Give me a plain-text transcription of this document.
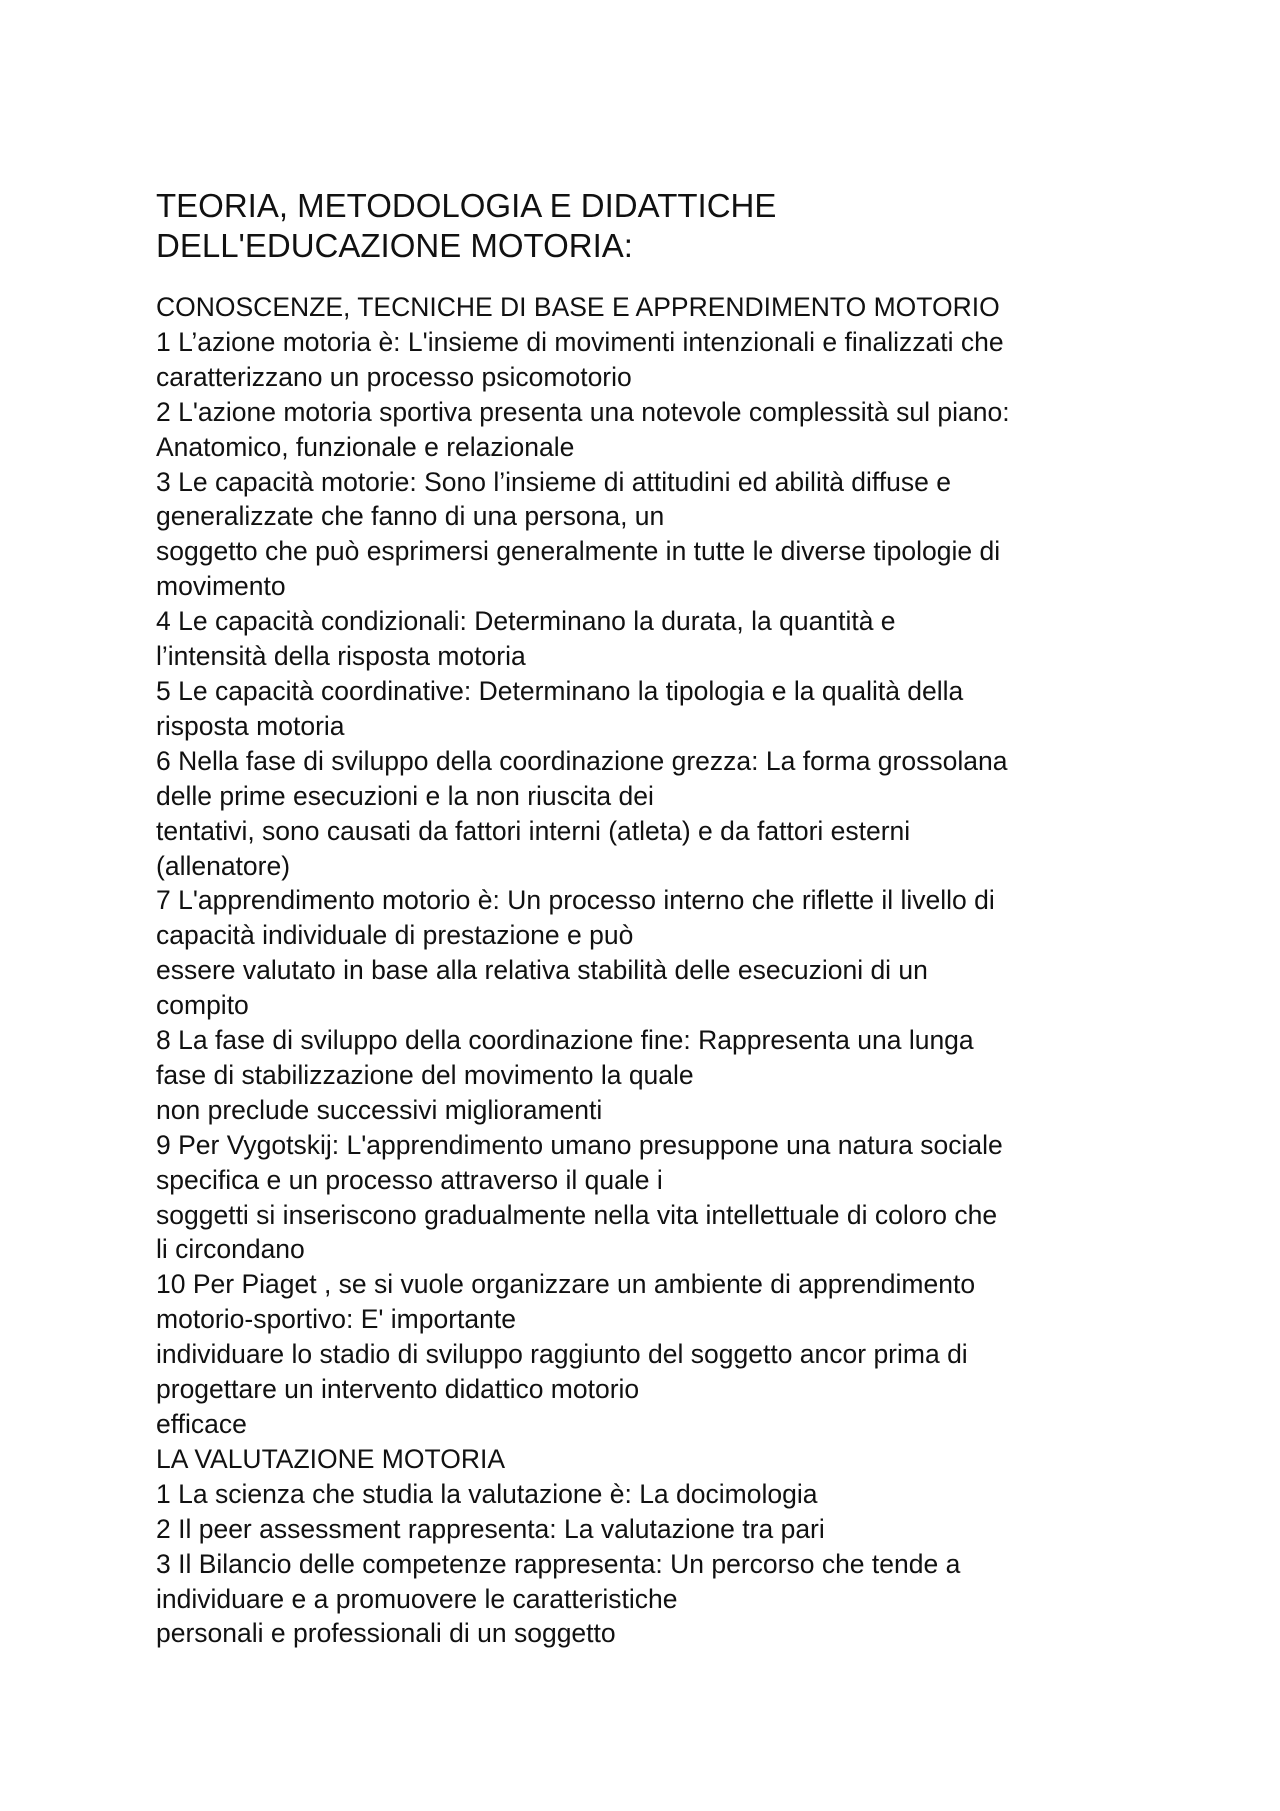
TEORIA, METODOLOGIA E DIDATTICHE
DELL'EDUCAZIONE MOTORIA:
CONOSCENZE, TECNICHE DI BASE E APPRENDIMENTO MOTORIO
1 L’azione motoria è: L'insieme di movimenti intenzionali e finalizzati che
caratterizzano un processo psicomotorio
2 L'azione motoria sportiva presenta una notevole complessità sul piano:
Anatomico, funzionale e relazionale
3 Le capacità motorie: Sono l’insieme di attitudini ed abilità diffuse e
generalizzate che fanno di una persona, un
soggetto che può esprimersi generalmente in tutte le diverse tipologie di
movimento
4 Le capacità condizionali: Determinano la durata, la quantità e
l’intensità della risposta motoria
5 Le capacità coordinative: Determinano la tipologia e la qualità della
risposta motoria
6 Nella fase di sviluppo della coordinazione grezza: La forma grossolana
delle prime esecuzioni e la non riuscita dei
tentativi, sono causati da fattori interni (atleta) e da fattori esterni
(allenatore)
7 L'apprendimento motorio è: Un processo interno che riflette il livello di
capacità individuale di prestazione e può
essere valutato in base alla relativa stabilità delle esecuzioni di un
compito
8 La fase di sviluppo della coordinazione fine: Rappresenta una lunga
fase di stabilizzazione del movimento la quale
non preclude successivi miglioramenti
9 Per Vygotskij: L'apprendimento umano presuppone una natura sociale
specifica e un processo attraverso il quale i
soggetti si inseriscono gradualmente nella vita intellettuale di coloro che
li circondano
10 Per Piaget , se si vuole organizzare un ambiente di apprendimento
motorio-sportivo: E' importante
individuare lo stadio di sviluppo raggiunto del soggetto ancor prima di
progettare un intervento didattico motorio
efficace
LA VALUTAZIONE MOTORIA
1 La scienza che studia la valutazione è: La docimologia
2 Il peer assessment rappresenta: La valutazione tra pari
3 Il Bilancio delle competenze rappresenta: Un percorso che tende a
individuare e a promuovere le caratteristiche
personali e professionali di un soggetto
